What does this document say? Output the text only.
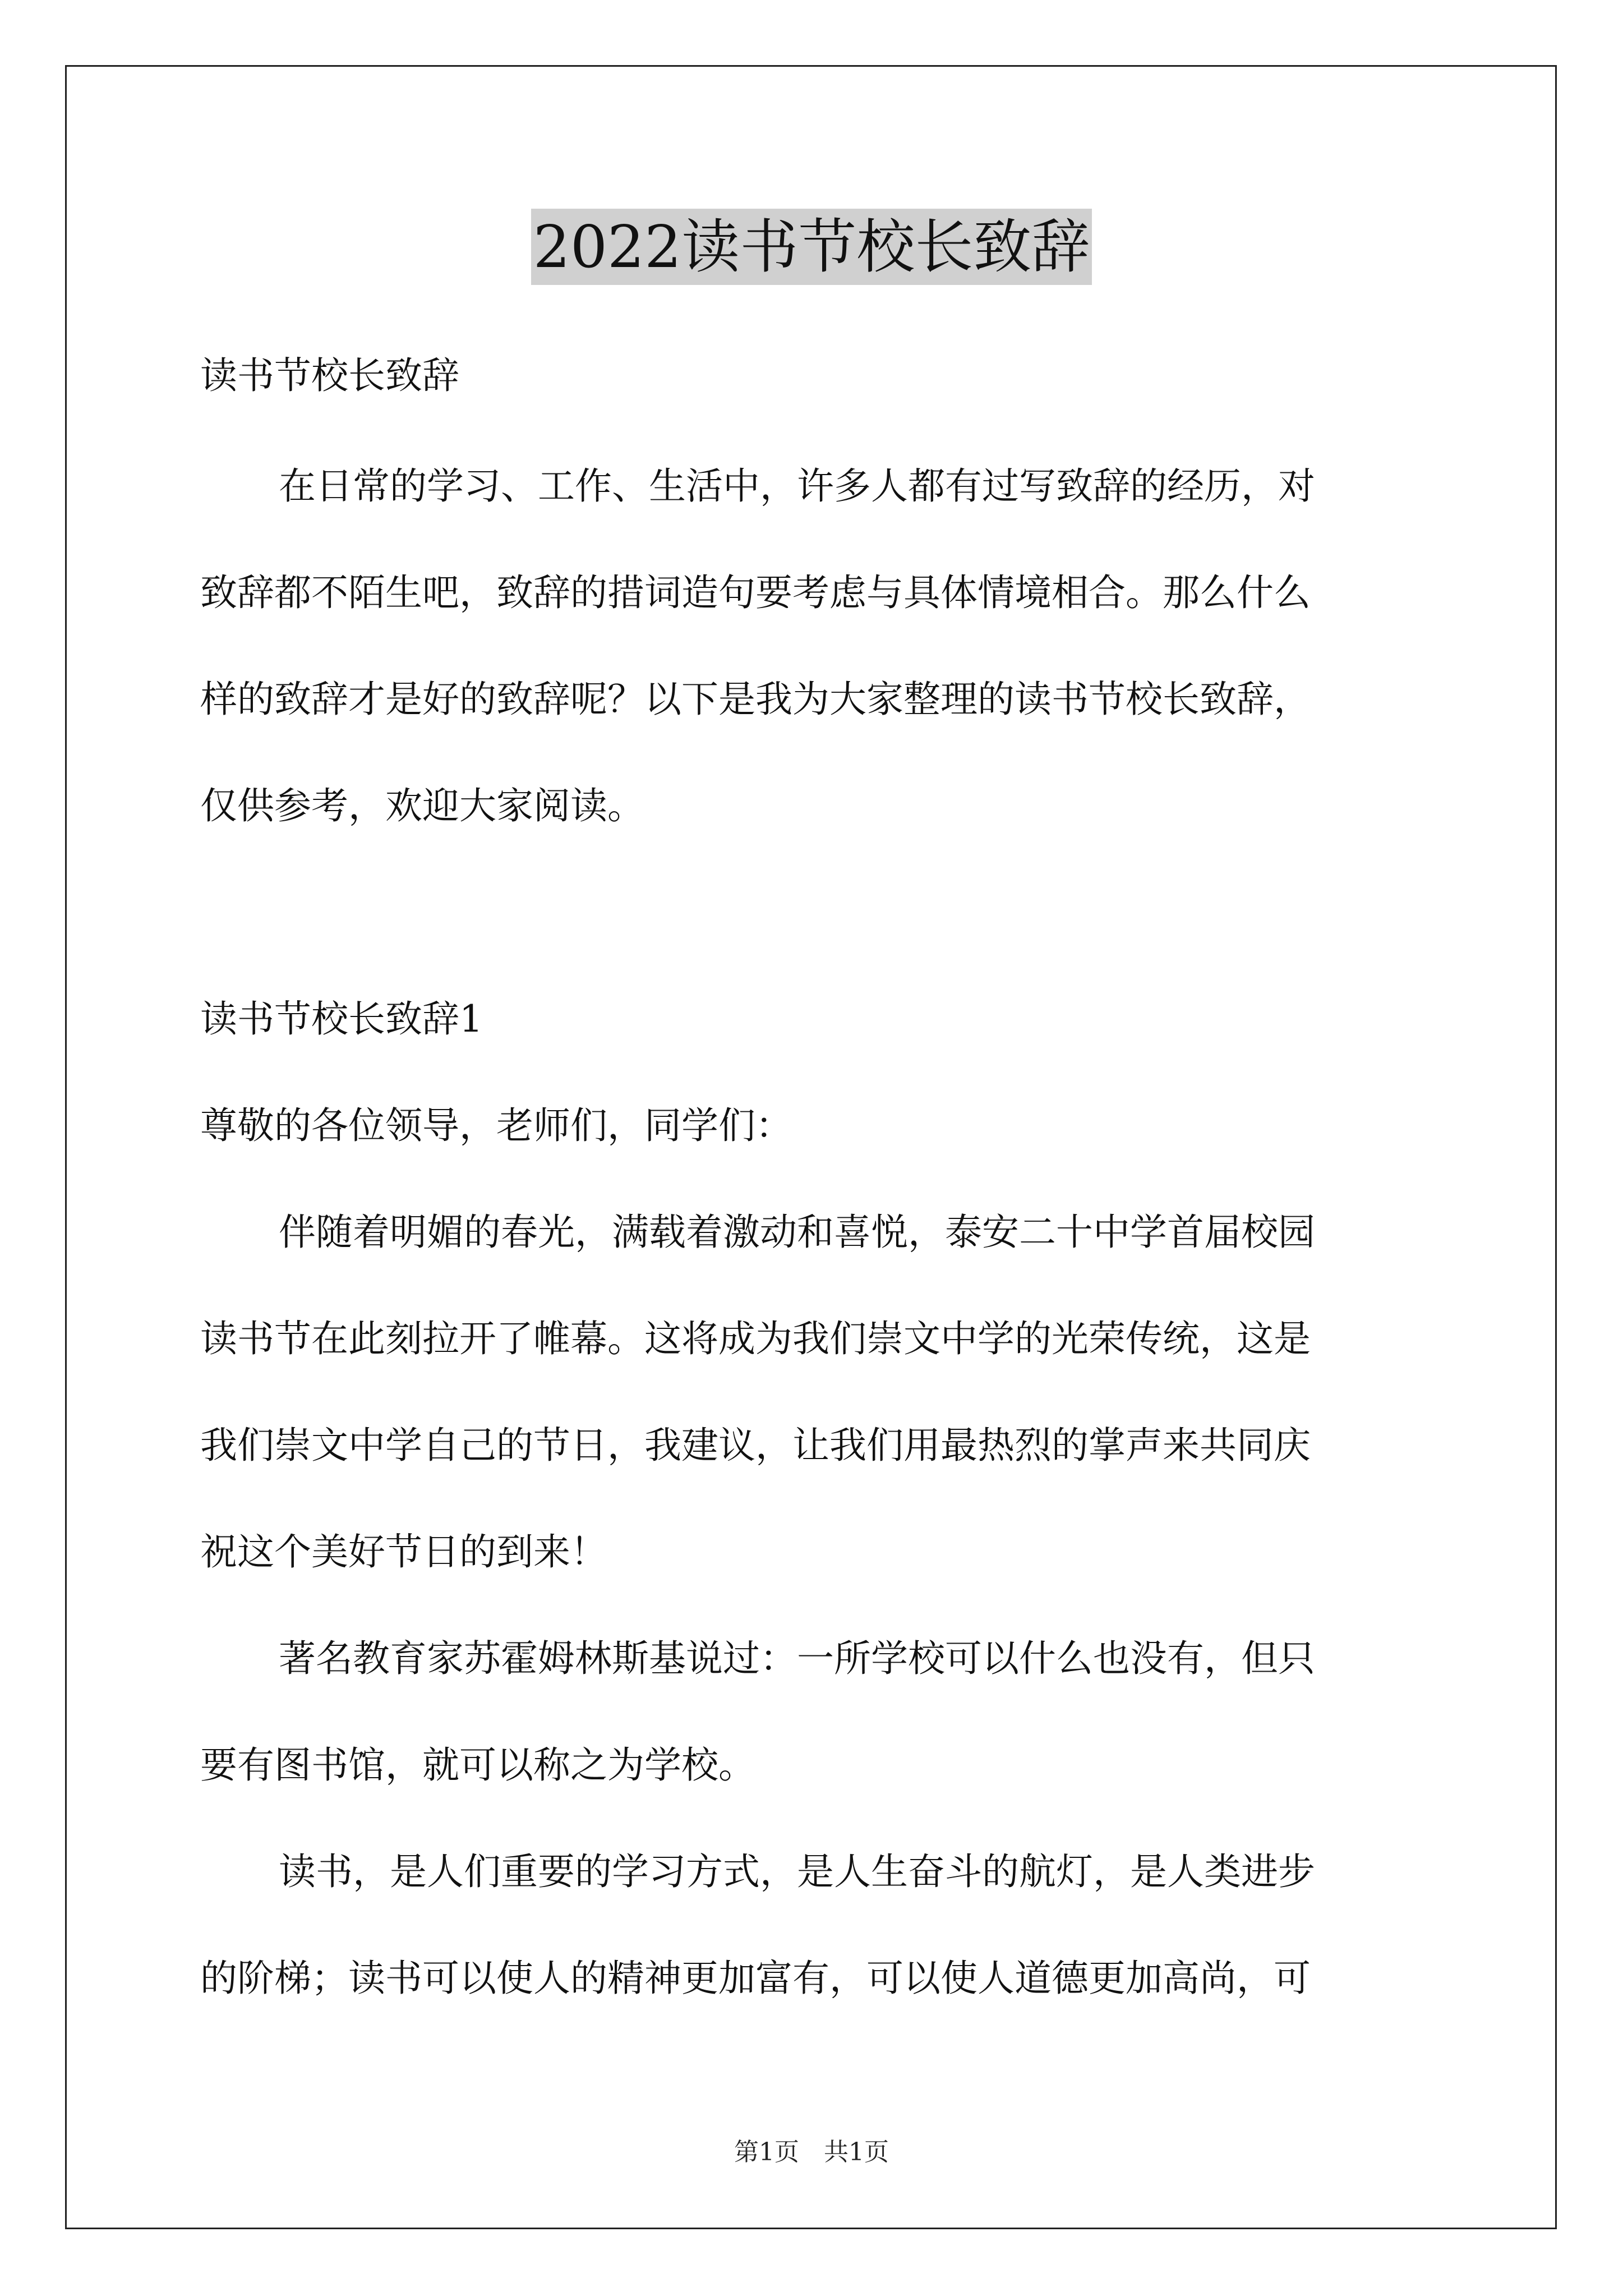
2022读书节校长致辞
读书节校长致辞
在日常的学习、工作、生活中，许多人都有过写致辞的经历，对
致辞都不陌生吧，致辞的措词造句要考虑与具体情境相合。那么什么
样的致辞才是好的致辞呢？以下是我为大家整理的读书节校长致辞，
仅供参考，欢迎大家阅读。
读书节校长致辞1
尊敬的各位领导，老师们，同学们：
伴随着明媚的春光，满载着激动和喜悦，泰安二十中学首届校园
读书节在此刻拉开了帷幕。这将成为我们崇文中学的光荣传统，这是
我们崇文中学自己的节日，我建议，让我们用最热烈的掌声来共同庆
祝这个美好节日的到来！
著名教育家苏霍姆林斯基说过：一所学校可以什么也没有，但只
要有图书馆，就可以称之为学校。
读书，是人们重要的学习方式，是人生奋斗的航灯，是人类进步
的阶梯；读书可以使人的精神更加富有，可以使人道德更加高尚，可
第1页　共1页
